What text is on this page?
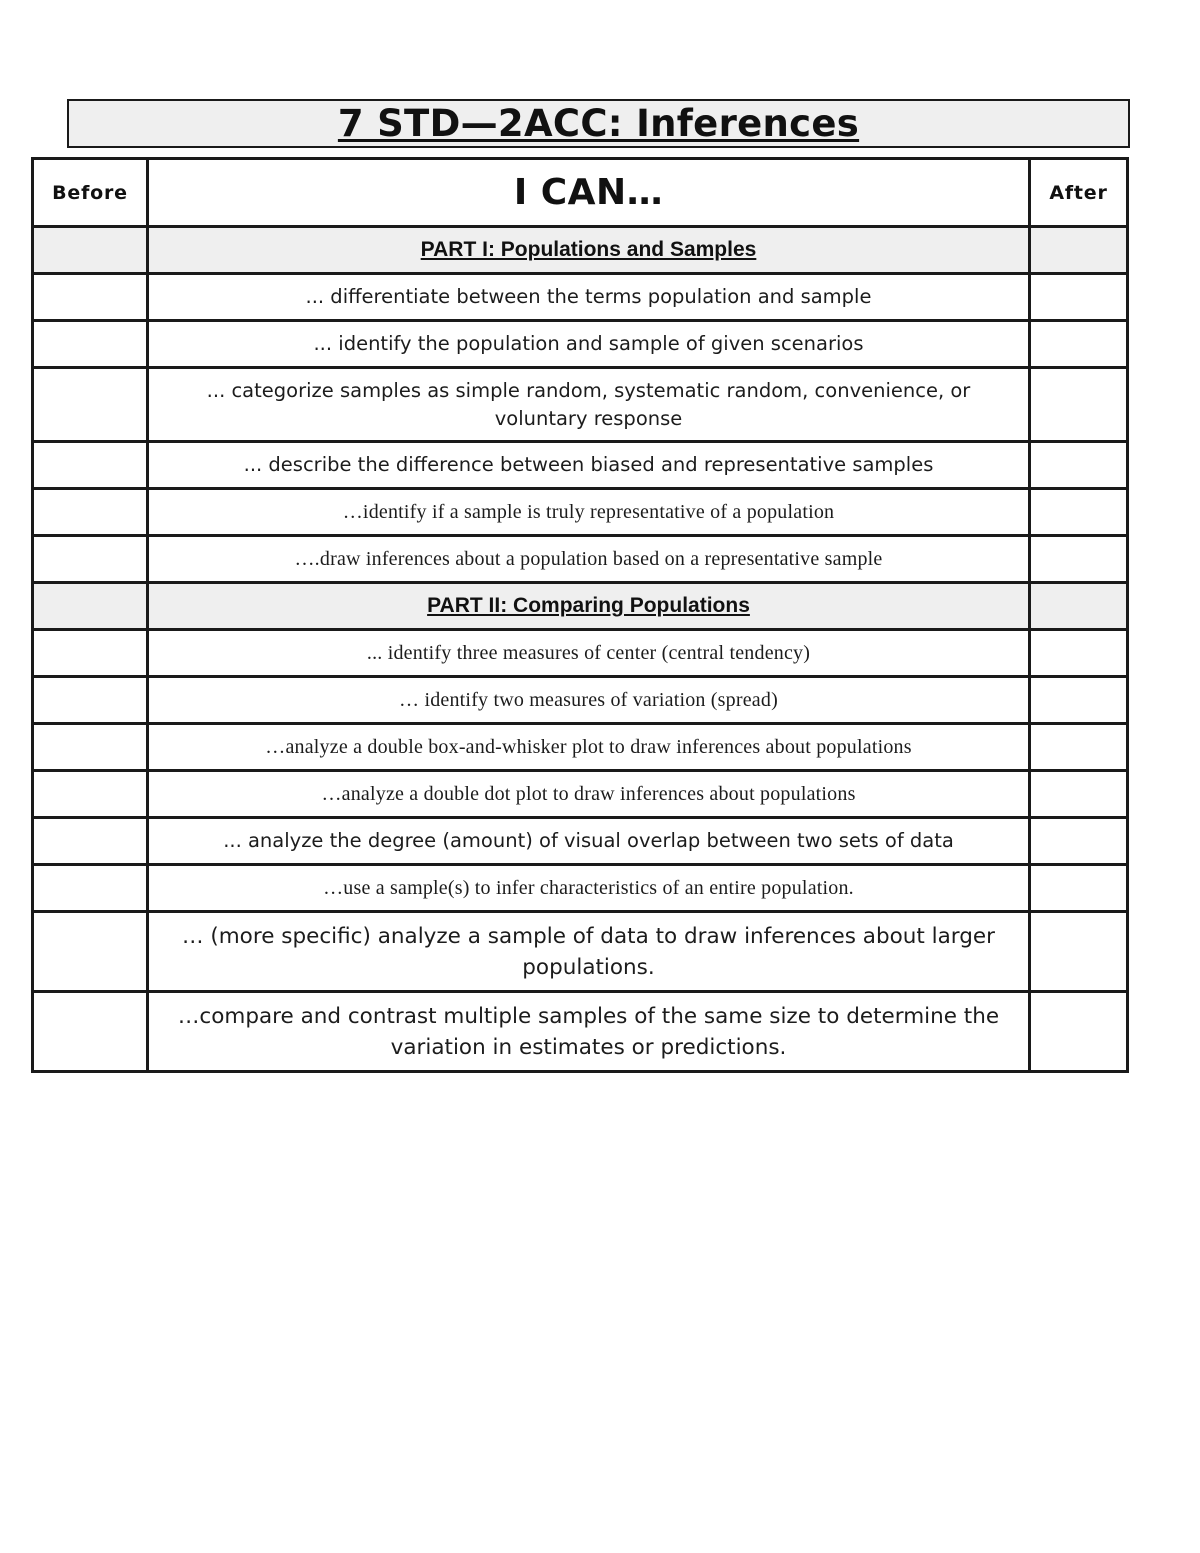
7 STD—2ACC: Inferences
Before	I CAN…	After
	PART I: Populations and Samples	

	... differentiate between the terms population and sample	

	... identify the population and sample of given scenarios	

	... categorize samples as simple random, systematic random, convenience, or voluntary response	

	... describe the difference between biased and representative samples	

	…identify if a sample is truly representative of a population	

	….draw inferences about a population based on a representative sample	

	PART II: Comparing Populations	

	... identify three measures of center (central tendency)	

	… identify two measures of variation (spread)	

	…analyze a double box-and-whisker plot to draw inferences about populations	

	…analyze a double dot plot to draw inferences about populations	

	... analyze the degree (amount) of visual overlap between two sets of data	

	…use a sample(s) to infer characteristics of an entire population.	

	… (more specific) analyze a sample of data to draw inferences about larger populations.	

	…compare and contrast multiple samples of the same size to determine the variation in estimates or predictions.	
